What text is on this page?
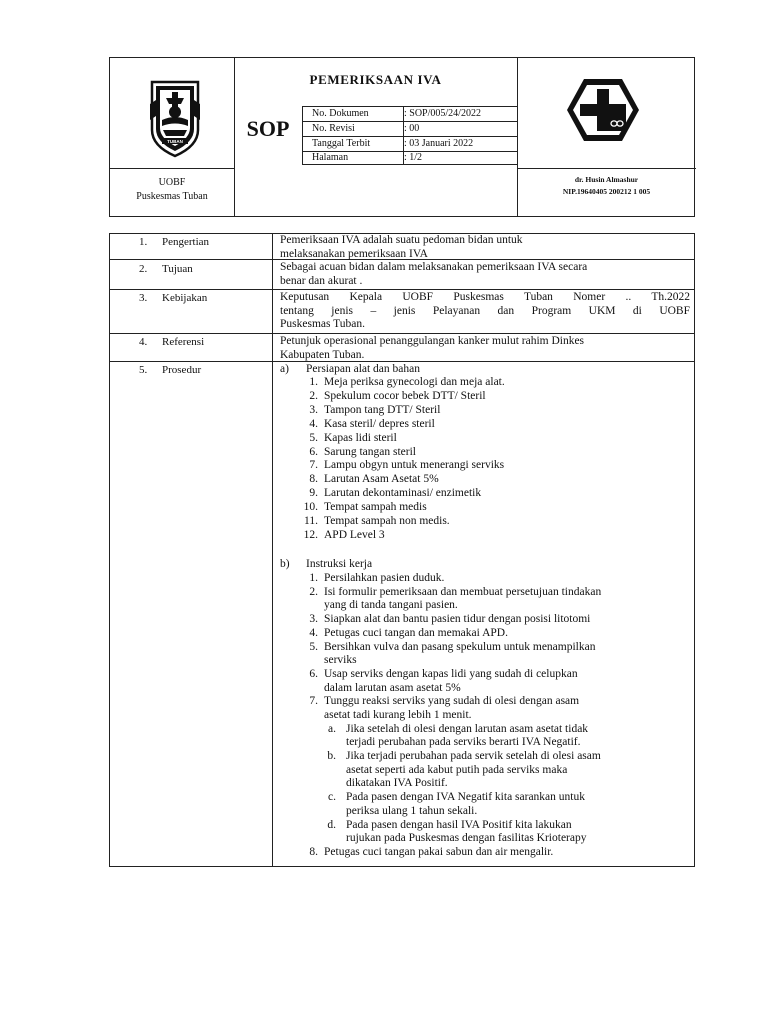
TUBAN
PEMERIKSAAN IVA
SOP
No. Dokumen	: SOP/005/24/2022
No. Revisi	: 00
Tanggal Terbit	: 03 Januari 2022
Halaman	: 1/2
UOBF
Puskesmas Tuban
dr. Husin Almashur
NIP.19640405 200212 1 005
1. Pengertian	Pemeriksaan IVA adalah suatu pedoman bidan untuk
melaksanakan pemeriksaan IVA
2. Tujuan	Sebagai acuan bidan dalam melaksanakan pemeriksaan IVA secara
benar dan akurat .
3. Kebijakan	Keputusan Kepala UOBF Puskesmas Tuban Nomer .. Th.2022
tentang jenis – jenis Pelayanan dan Program UKM di UOBF
Puskesmas Tuban.
4. Referensi	Petunjuk operasional penanggulangan kanker mulut rahim Dinkes
Kabupaten Tuban.
5. Prosedur	a) Persiapan alat dan bahan
1. Meja periksa gynecologi dan meja alat.
2. Spekulum cocor bebek DTT/ Steril
3. Tampon tang DTT/ Steril
4. Kasa steril/ depres steril
5. Kapas lidi steril
6. Sarung tangan steril
7. Lampu obgyn untuk menerangi serviks
8. Larutan Asam Asetat 5%
9. Larutan dekontaminasi/ enzimetik
10. Tempat sampah medis
11. Tempat sampah non medis.
12. APD Level 3
b) Instruksi kerja
1. Persilahkan pasien duduk.
2. Isi formulir pemeriksaan dan membuat persetujuan tindakan
yang di tanda tangani pasien.
3. Siapkan alat dan bantu pasien tidur dengan posisi litotomi
4. Petugas cuci tangan dan memakai APD.
5. Bersihkan vulva dan pasang spekulum untuk menampilkan
serviks
6. Usap serviks dengan kapas lidi yang sudah di celupkan
dalam larutan asam asetat 5%
7. Tunggu reaksi serviks yang sudah di olesi dengan asam
asetat tadi kurang lebih 1 menit.
a. Jika setelah di olesi dengan larutan asam asetat tidak
terjadi perubahan pada serviks berarti IVA Negatif.
b. Jika terjadi perubahan pada servik setelah di olesi asam
asetat seperti ada kabut putih pada serviks maka
dikatakan IVA Positif.
c. Pada pasen dengan IVA Negatif kita sarankan untuk
periksa ulang 1 tahun sekali.
d. Pada pasen dengan hasil IVA Positif kita lakukan
rujukan pada Puskesmas dengan fasilitas Krioterapy
8. Petugas cuci tangan pakai sabun dan air mengalir.
